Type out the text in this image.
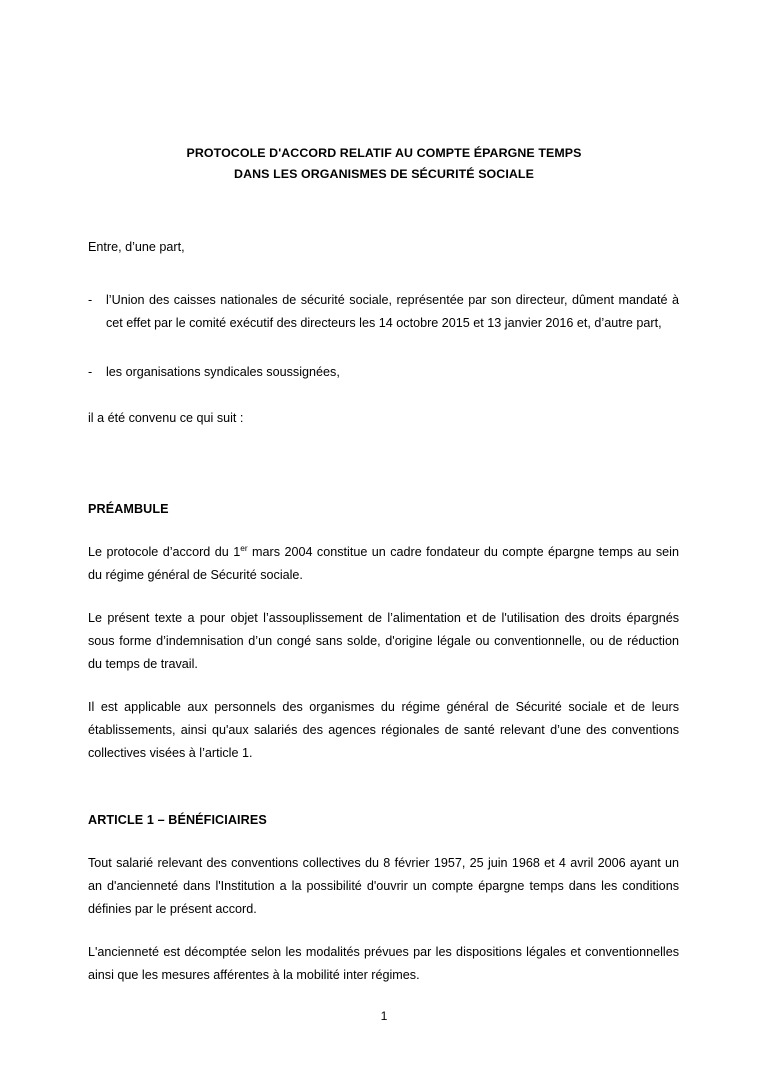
PROTOCOLE D'ACCORD RELATIF AU COMPTE ÉPARGNE TEMPS
DANS LES ORGANISMES DE SÉCURITÉ SOCIALE

Entre, d’une part,

-	l’Union des caisses nationales de sécurité sociale, représentée par son directeur, dûment mandaté à cet effet par le comité exécutif des directeurs les 14 octobre 2015 et 13 janvier 2016 et, d’autre part,
-	les organisations syndicales soussignées,

il a été convenu ce qui suit :

PRÉAMBULE

Le protocole d’accord du 1er mars 2004 constitue un cadre fondateur du compte épargne temps au sein du régime général de Sécurité sociale.

Le présent texte a pour objet l’assouplissement de l’alimentation et de l'utilisation des droits épargnés sous forme d’indemnisation d’un congé sans solde, d'origine légale ou conventionnelle, ou de réduction du temps de travail.

Il est applicable aux personnels des organismes du régime général de Sécurité sociale et de leurs établissements, ainsi qu'aux salariés des agences régionales de santé relevant d’une des conventions collectives visées à l’article 1.

ARTICLE 1 – BÉNÉFICIAIRES

Tout salarié relevant des conventions collectives du 8 février 1957, 25 juin 1968 et 4 avril 2006 ayant un an d'ancienneté dans l'Institution a la possibilité d'ouvrir un compte épargne temps dans les conditions définies par le présent accord.

L'ancienneté est décomptée selon les modalités prévues par les dispositions légales et conventionnelles ainsi que les mesures afférentes à la mobilité inter régimes.

1
